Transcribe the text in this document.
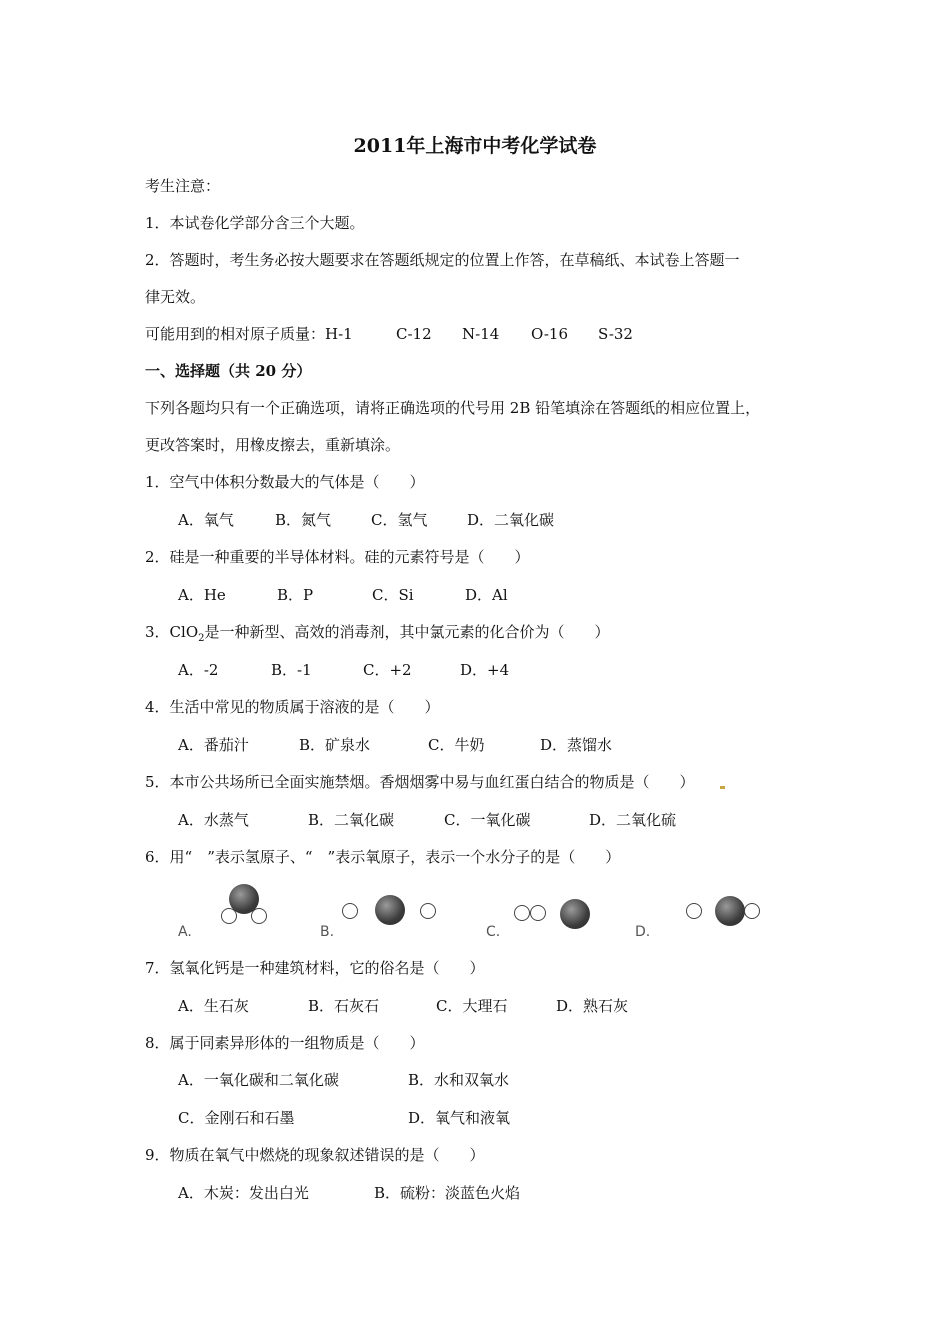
2011年上海市中考化学试卷
考生注意：
1．本试卷化学部分含三个大题。
2．答题时，考生务必按大题要求在答题纸规定的位置上作答，在草稿纸、本试卷上答题一
律无效。
可能用到的相对原子质量：H-1	C-12 N-14 O-16 S-32
一、选择题（共 20 分）
下列各题均只有一个正确选项，请将正确选项的代号用 2B 铅笔填涂在答题纸的相应位置上，
更改答案时，用橡皮擦去，重新填涂。
1．空气中体积分数最大的气体是（　　）
A．氧气	B．氮气	C．氢气	D．二氧化碳
2．硅是一种重要的半导体材料。硅的元素符号是（　　）
A．He	B．P	C．Si	D．Al
3．ClO$_2$是一种新型、高效的消毒剂，其中氯元素的化合价为（　　）
A．-2	B．-1	C．+2	D．+4
4．生活中常见的物质属于溶液的是（　　）
A．番茄汁	B．矿泉水	C．牛奶	D．蒸馏水
5．本市公共场所已全面实施禁烟。香烟烟雾中易与血红蛋白结合的物质是（　　）
A．水蒸气	B．二氧化碳	C．一氧化碳	D．二氧化硫
6．用“　”表示氢原子、“　”表示氧原子，表示一个水分子的是（　　）
A.	B.	C.	D.
7．氢氧化钙是一种建筑材料，它的俗名是（　　）
A．生石灰	B．石灰石	C．大理石	D．熟石灰
8．属于同素异形体的一组物质是（　　）
A．一氧化碳和二氧化碳	B．水和双氧水
C．金刚石和石墨	D．氧气和液氧
9．物质在氧气中燃烧的现象叙述错误的是（　　）
A．木炭：发出白光	B．硫粉：淡蓝色火焰
